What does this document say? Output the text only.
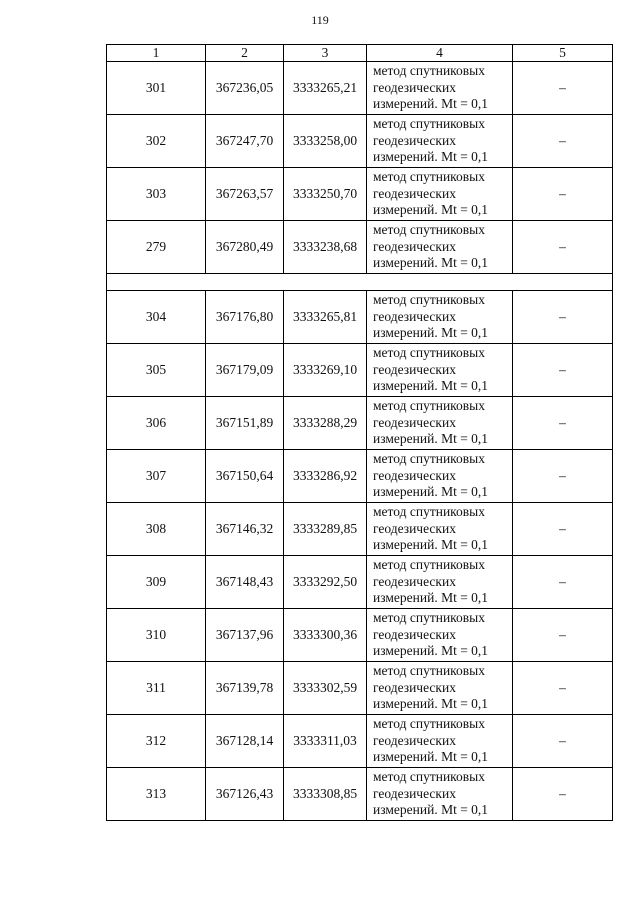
119
1	2	3	4	5
301	367236,05	3333265,21	метод спутниковых
геодезических
измерений. Mt = 0,1	–
302	367247,70	3333258,00	метод спутниковых
геодезических
измерений. Mt = 0,1	–
303	367263,57	3333250,70	метод спутниковых
геодезических
измерений. Mt = 0,1	–
279	367280,49	3333238,68	метод спутниковых
геодезических
измерений. Mt = 0,1	–

304	367176,80	3333265,81	метод спутниковых
геодезических
измерений. Mt = 0,1	–
305	367179,09	3333269,10	метод спутниковых
геодезических
измерений. Mt = 0,1	–
306	367151,89	3333288,29	метод спутниковых
геодезических
измерений. Mt = 0,1	–
307	367150,64	3333286,92	метод спутниковых
геодезических
измерений. Mt = 0,1	–
308	367146,32	3333289,85	метод спутниковых
геодезических
измерений. Mt = 0,1	–
309	367148,43	3333292,50	метод спутниковых
геодезических
измерений. Mt = 0,1	–
310	367137,96	3333300,36	метод спутниковых
геодезических
измерений. Mt = 0,1	–
311	367139,78	3333302,59	метод спутниковых
геодезических
измерений. Mt = 0,1	–
312	367128,14	3333311,03	метод спутниковых
геодезических
измерений. Mt = 0,1	–
313	367126,43	3333308,85	метод спутниковых
геодезических
измерений. Mt = 0,1	–
